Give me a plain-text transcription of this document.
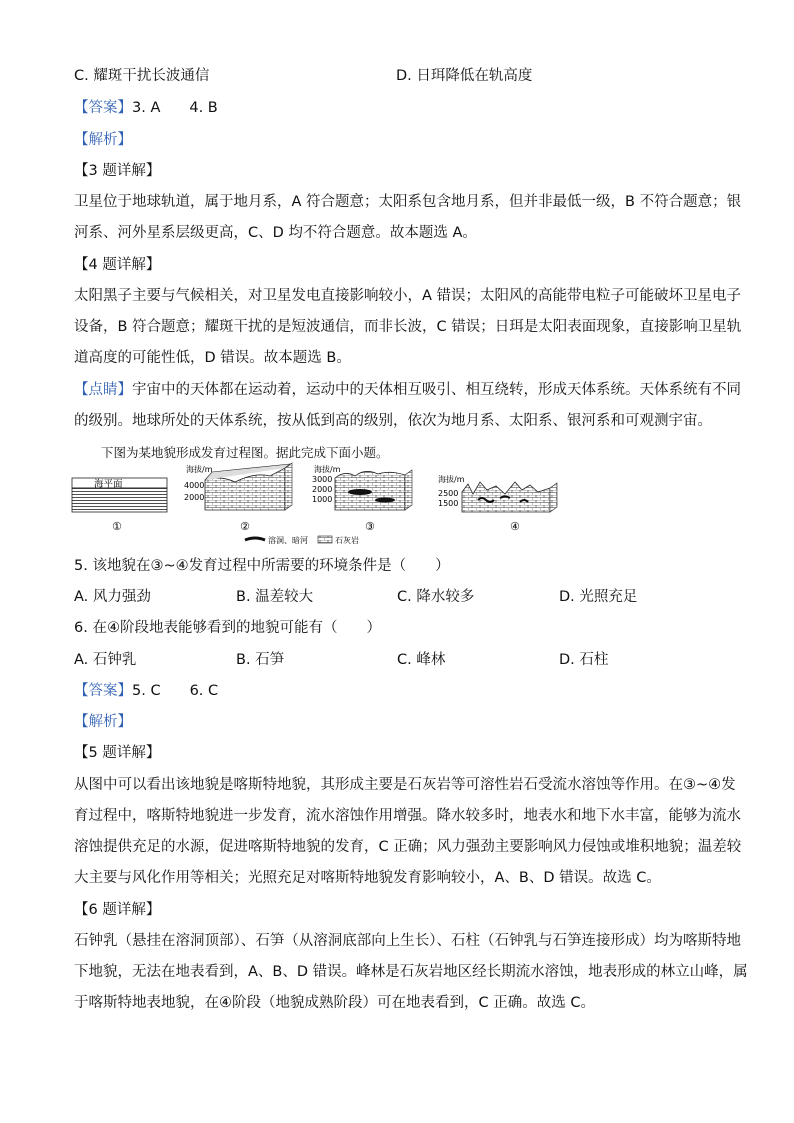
C. 耀斑干扰长波通信	D. 日珥降低在轨高度
【答案】3. A　　4. B
【解析】
【3 题详解】
卫星位于地球轨道，属于地月系，A 符合题意；太阳系包含地月系，但并非最低一级，B 不符合题意；银
河系、河外星系层级更高，C、D 均不符合题意。故本题选 A。
【4 题详解】
太阳黑子主要与气候相关，对卫星发电直接影响较小，A 错误；太阳风的高能带电粒子可能破坏卫星电子
设备，B 符合题意；耀斑干扰的是短波通信，而非长波，C 错误；日珥是太阳表面现象，直接影响卫星轨
道高度的可能性低，D 错误。故本题选 B。
【点睛】宇宙中的天体都在运动着，运动中的天体相互吸引、相互绕转，形成天体系统。天体系统有不同
的级别。地球所处的天体系统，按从低到高的级别，依次为地月系、太阳系、银河系和可观测宇宙。
下图为某地貌形成发育过程图。据此完成下面小题。
海平面
①
海拔/m
4000
2000
②
海拔/m
3000
2000
1000
③
溶洞、暗河	石灰岩
海拔/m
2500
1500
④
5. 该地貌在③~④发育过程中所需要的环境条件是（　　）
A. 风力强劲	B. 温差较大	C. 降水较多	D. 光照充足
6. 在④阶段地表能够看到的地貌可能有（　　）
A. 石钟乳	B. 石笋	C. 峰林	D. 石柱
【答案】5. C　　6. C
【解析】
【5 题详解】
从图中可以看出该地貌是喀斯特地貌，其形成主要是石灰岩等可溶性岩石受流水溶蚀等作用。在③~④发
育过程中，喀斯特地貌进一步发育，流水溶蚀作用增强。降水较多时，地表水和地下水丰富，能够为流水
溶蚀提供充足的水源，促进喀斯特地貌的发育，C 正确；风力强劲主要影响风力侵蚀或堆积地貌；温差较
大主要与风化作用等相关；光照充足对喀斯特地貌发育影响较小，A、B、D 错误。故选 C。
【6 题详解】
石钟乳（悬挂在溶洞顶部）、石笋（从溶洞底部向上生长）、石柱（石钟乳与石笋连接形成）均为喀斯特地
下地貌，无法在地表看到，A、B、D 错误。峰林是石灰岩地区经长期流水溶蚀，地表形成的林立山峰，属
于喀斯特地表地貌，在④阶段（地貌成熟阶段）可在地表看到，C 正确。故选 C。
